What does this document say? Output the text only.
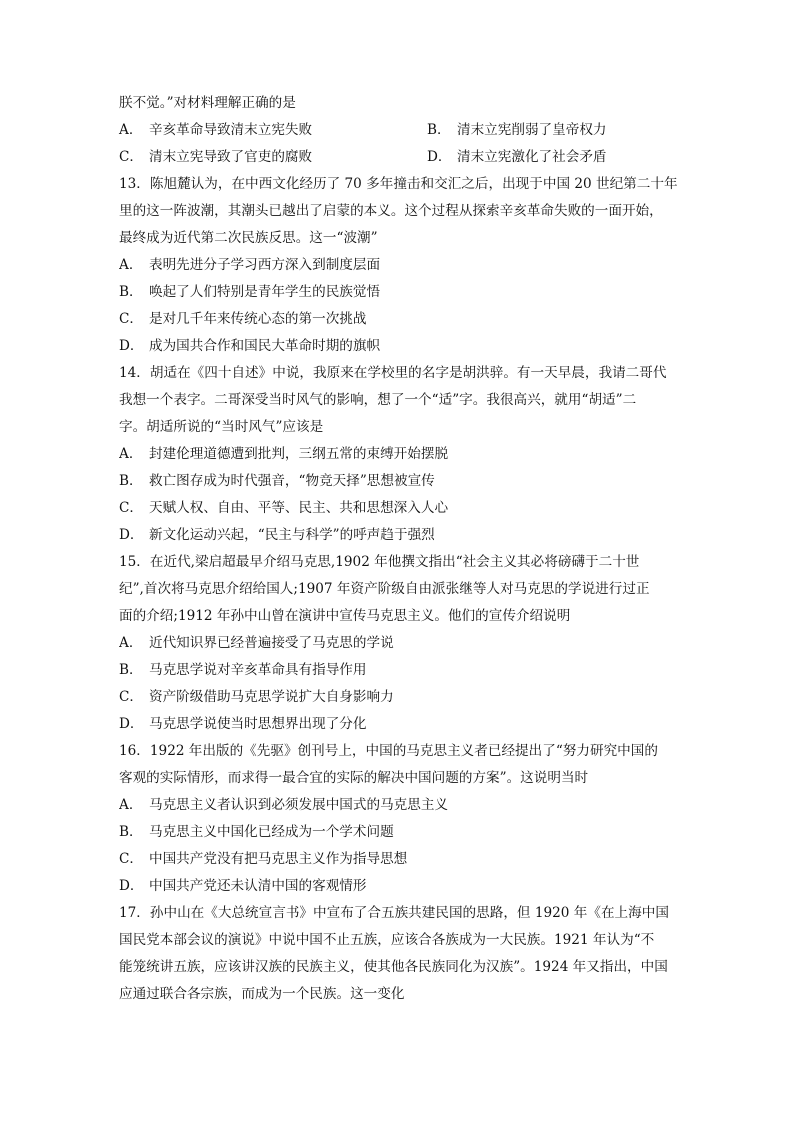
朕不觉。”对材料理解正确的是
A． 辛亥革命导致清末立宪失败	B． 清末立宪削弱了皇帝权力
C． 清末立宪导致了官吏的腐败	D． 清末立宪激化了社会矛盾
13．陈旭麓认为，在中西文化经历了 70 多年撞击和交汇之后，出现于中国 20 世纪第二十年
里的这一阵波潮，其潮头已越出了启蒙的本义。这个过程从探索辛亥革命失败的一面开始，
最终成为近代第二次民族反思。这一“波潮”
A． 表明先进分子学习西方深入到制度层面
B． 唤起了人们特别是青年学生的民族觉悟
C． 是对几千年来传统心态的第一次挑战
D． 成为国共合作和国民大革命时期的旗帜
14．胡适在《四十自述》中说，我原来在学校里的名字是胡洪骍。有一天早晨，我请二哥代
我想一个表字。二哥深受当时风气的影响，想了一个“适”字。我很高兴，就用“胡适”二
字。胡适所说的“当时风气”应该是
A． 封建伦理道德遭到批判，三纲五常的束缚开始摆脱
B． 救亡图存成为时代强音，“物竞天择”思想被宣传
C． 天赋人权、自由、平等、民主、共和思想深入人心
D． 新文化运动兴起，“民主与科学”的呼声趋于强烈
15．在近代,梁启超最早介绍马克思,1902 年他撰文指出“社会主义其必将磅礴于二十世
纪”,首次将马克思介绍给国人;1907 年资产阶级自由派张继等人对马克思的学说进行过正
面的介绍;1912 年孙中山曾在演讲中宣传马克思主义。他们的宣传介绍说明
A． 近代知识界已经普遍接受了马克思的学说
B． 马克思学说对辛亥革命具有指导作用
C． 资产阶级借助马克思学说扩大自身影响力
D． 马克思学说使当时思想界出现了分化
16．1922 年出版的《先驱》创刊号上，中国的马克思主义者已经提出了“努力研究中国的
客观的实际情形，而求得一最合宜的实际的解决中国问题的方案”。这说明当时
A． 马克思主义者认识到必须发展中国式的马克思主义
B． 马克思主义中国化已经成为一个学术问题
C． 中国共产党没有把马克思主义作为指导思想
D． 中国共产党还未认清中国的客观情形
17．孙中山在《大总统宣言书》中宣布了合五族共建民国的思路，但 1920 年《在上海中国
国民党本部会议的演说》中说中国不止五族，应该合各族成为一大民族。1921 年认为“不
能笼统讲五族，应该讲汉族的民族主义，使其他各民族同化为汉族”。1924 年又指出，中国
应通过联合各宗族，而成为一个民族。这一变化
